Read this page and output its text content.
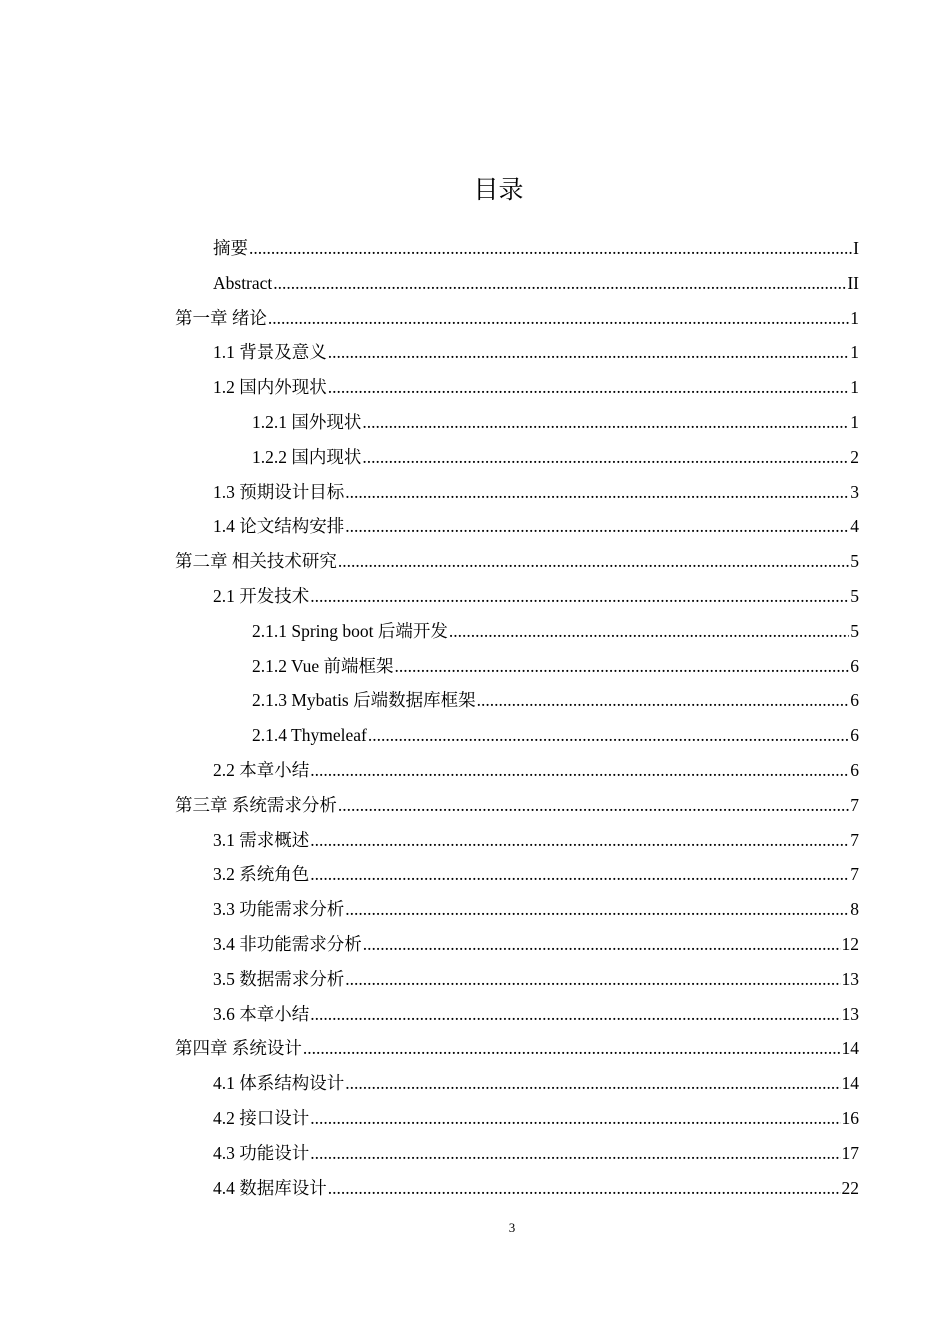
目录
摘要 .....	I
Abstract .....	II
第一章 绪论 .....	1
1.1 背景及意义 .....	1
1.2 国内外现状 .....	1
1.2.1 国外现状 .....	1
1.2.2 国内现状 .....	2
1.3 预期设计目标 .....	3
1.4 论文结构安排 .....	4
第二章 相关技术研究 .....	5
2.1 开发技术 .....	5
2.1.1 Spring boot 后端开发 .....	5
2.1.2 Vue 前端框架 .....	6
2.1.3 Mybatis 后端数据库框架 .....	6
2.1.4 Thymeleaf .....	6
2.2 本章小结 .....	6
第三章 系统需求分析 .....	7
3.1 需求概述 .....	7
3.2 系统角色 .....	7
3.3 功能需求分析 .....	8
3.4 非功能需求分析 .....	12
3.5 数据需求分析 .....	13
3.6 本章小结 .....	13
第四章 系统设计 .....	14
4.1 体系结构设计 .....	14
4.2 接口设计 .....	16
4.3 功能设计 .....	17
4.4 数据库设计 .....	22
3
